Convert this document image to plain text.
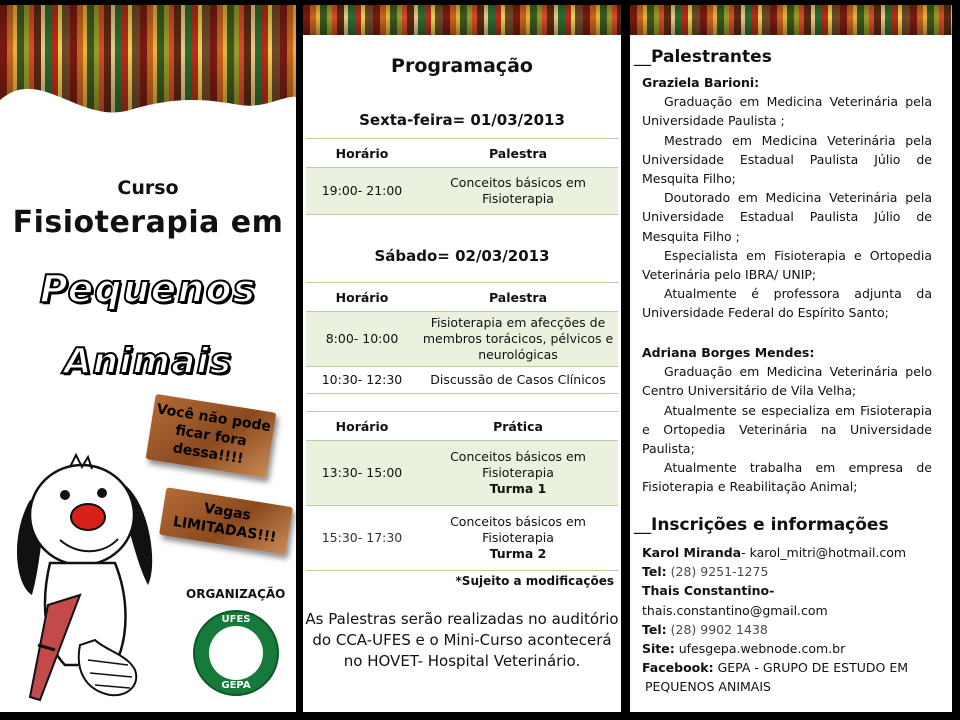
Curso
Fisioterapia em
Pequenos
Animais
Você não pode ficar fora dessa!!!!
Vagas LIMITADAS!!!
ORGANIZAÇÃO
UFES
GEPA
Programação
Sexta-feira= 01/03/2013
Horário	Palestra
19:00- 21:00	Conceitos básicos em Fisioterapia
Sábado= 02/03/2013
Horário	Palestra
8:00- 10:00	Fisioterapia em afecções de membros torácicos, pélvicos e neurológicas
10:30- 12:30	Discussão de Casos Clínicos
Horário	Prática
13:30- 15:00	Conceitos básicos em Fisioterapia
Turma 1

15:30- 17:30	Conceitos básicos em Fisioterapia
Turma 2
*Sujeito a modificações
As Palestras serão realizadas no auditório do CCA-UFES e o Mini-Curso acontecerá no HOVET- Hospital Veterinário.
__Palestrantes

Graziela Barioni:

Graduação em Medicina Veterinária pela Universidade Paulista ;

Mestrado em Medicina Veterinária pela Universidade Estadual Paulista Júlio de Mesquita Filho;

Doutorado em Medicina Veterinária pela Universidade Estadual Paulista Júlio de Mesquita Filho ;

Especialista em Fisioterapia e Ortopedia Veterinária pelo IBRA/ UNIP;

Atualmente é professora adjunta da Universidade Federal do Espírito Santo;

Adriana Borges Mendes:

Graduação em Medicina Veterinária pelo Centro Universitário de Vila Velha;

Atualmente se especializa em Fisioterapia e Ortopedia Veterinária na Universidade Paulista;

Atualmente trabalha em empresa de Fisioterapia e Reabilitação Animal;

__Inscrições e informações
Karol Miranda- karol_mitri@hotmail.com
Tel: (28) 9251-1275
Thais Constantino-
thais.constantino@gmail.com
Tel: (28) 9902 1438
Site: ufesgepa.webnode.com.br
Facebook: GEPA - GRUPO DE ESTUDO EM
PEQUENOS ANIMAIS
